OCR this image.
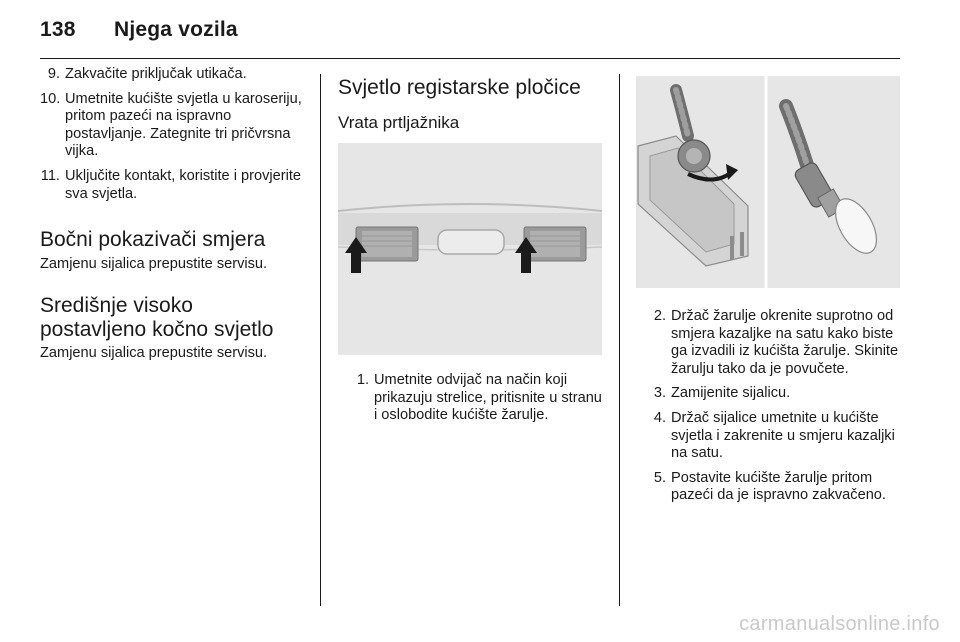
138 Njega vozila
9. Zakvačite priključak utikača.
10. Umetnite kućište svjetla u karoseriju, pritom pazeći na ispravno postavljanje. Zategnite tri pričvrsna vijka.
11. Uključite kontakt, koristite i provjerite sva svjetla.
Bočni pokazivači smjera

Zamjenu sijalica prepustite servisu.

Središnje visoko
postavljeno kočno svjetlo

Zamjenu sijalica prepustite servisu.

Svjetlo registarske pločice
Vrata prtljažnika
1. Umetnite odvijač na način koji prikazuju strelice, pritisnite u stranu i oslobodite kućište žarulje.
2. Držač žarulje okrenite suprotno od smjera kazaljke na satu kako biste ga izvadili iz kućišta žarulje. Skinite žarulju tako da je povučete.
3. Zamijenite sijalicu.
4. Držač sijalice umetnite u kućište svjetla i zakrenite u smjeru kazaljki na satu.
5. Postavite kućište žarulje pritom pazeći da je ispravno zakvačeno.
carmanualsonline.info
